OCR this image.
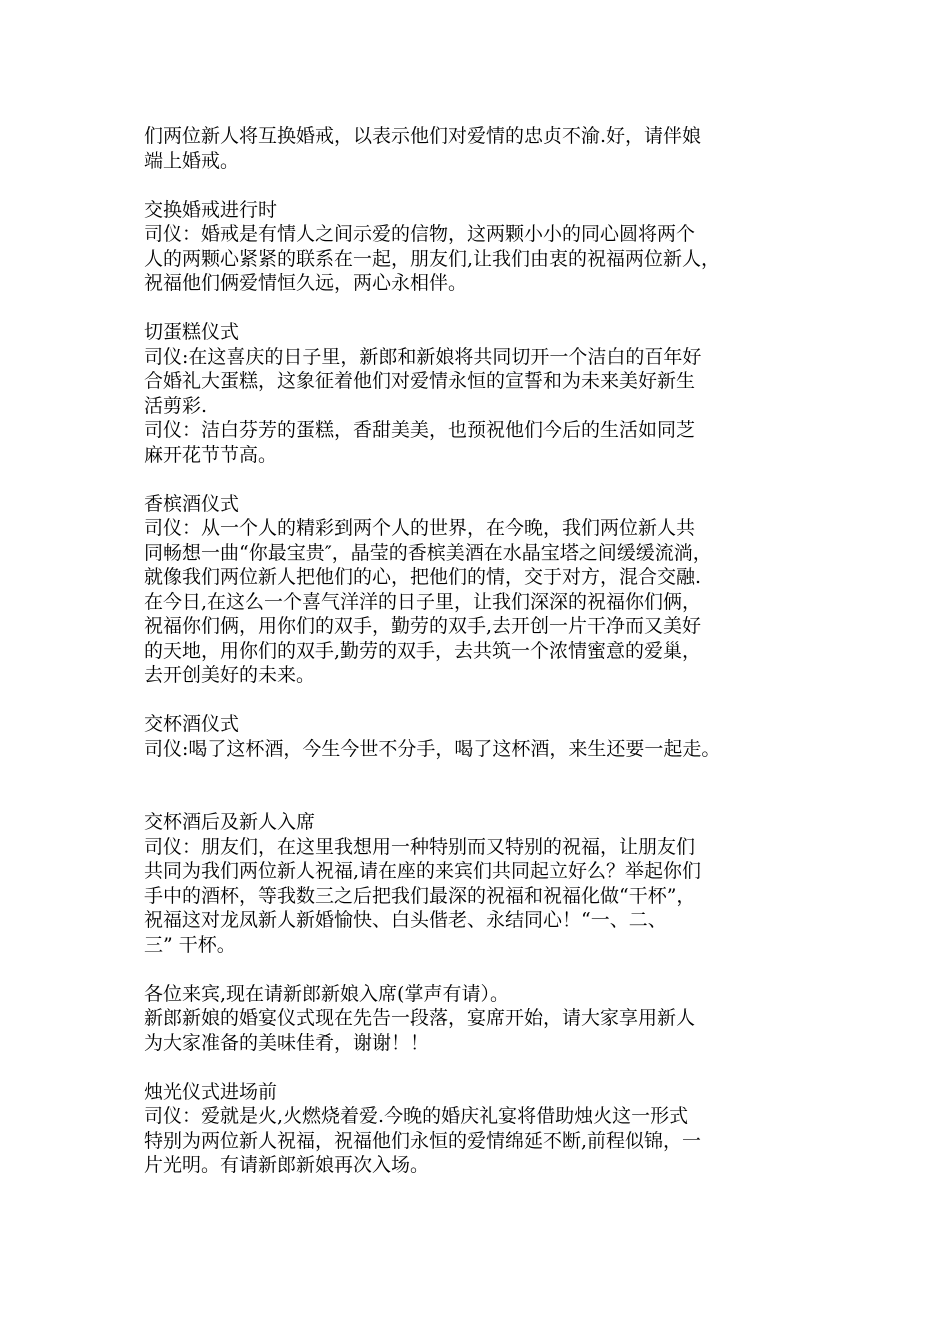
们两位新人将互换婚戒，以表示他们对爱情的忠贞不渝.好，请伴娘
端上婚戒。
交换婚戒进行时
司仪：婚戒是有情人之间示爱的信物，这两颗小小的同心圆将两个
人的两颗心紧紧的联系在一起，朋友们,让我们由衷的祝福两位新人，
祝福他们俩爱情恒久远，两心永相伴。
切蛋糕仪式
司仪:在这喜庆的日子里，新郎和新娘将共同切开一个洁白的百年好
合婚礼大蛋糕，这象征着他们对爱情永恒的宣誓和为未来美好新生
活剪彩.
司仪：洁白芬芳的蛋糕，香甜美美，也预祝他们今后的生活如同芝
麻开花节节高。
香槟酒仪式
司仪：从一个人的精彩到两个人的世界，在今晚，我们两位新人共
同畅想一曲“你最宝贵″，晶莹的香槟美酒在水晶宝塔之间缓缓流淌，
就像我们两位新人把他们的心，把他们的情，交于对方，混合交融.
在今日,在这么一个喜气洋洋的日子里，让我们深深的祝福你们俩，
祝福你们俩，用你们的双手，勤劳的双手,去开创一片干净而又美好
的天地，用你们的双手,勤劳的双手，去共筑一个浓情蜜意的爱巢，
去开创美好的未来。
交杯酒仪式
司仪:喝了这杯酒，今生今世不分手，喝了这杯酒，来生还要一起走。
交杯酒后及新人入席
司仪：朋友们，在这里我想用一种特别而又特别的祝福，让朋友们
共同为我们两位新人祝福,请在座的来宾们共同起立好么？举起你们
手中的酒杯，等我数三之后把我们最深的祝福和祝福化做“干杯”，
祝福这对龙凤新人新婚愉快、白头偕老、永结同心！“一、二、
三” 干杯。
各位来宾,现在请新郎新娘入席(掌声有请）。
新郎新娘的婚宴仪式现在先告一段落，宴席开始，请大家享用新人
为大家准备的美味佳肴，谢谢！！
烛光仪式进场前
司仪：爱就是火,火燃烧着爱.今晚的婚庆礼宴将借助烛火这一形式
特别为两位新人祝福，祝福他们永恒的爱情绵延不断,前程似锦，一
片光明。有请新郎新娘再次入场。
